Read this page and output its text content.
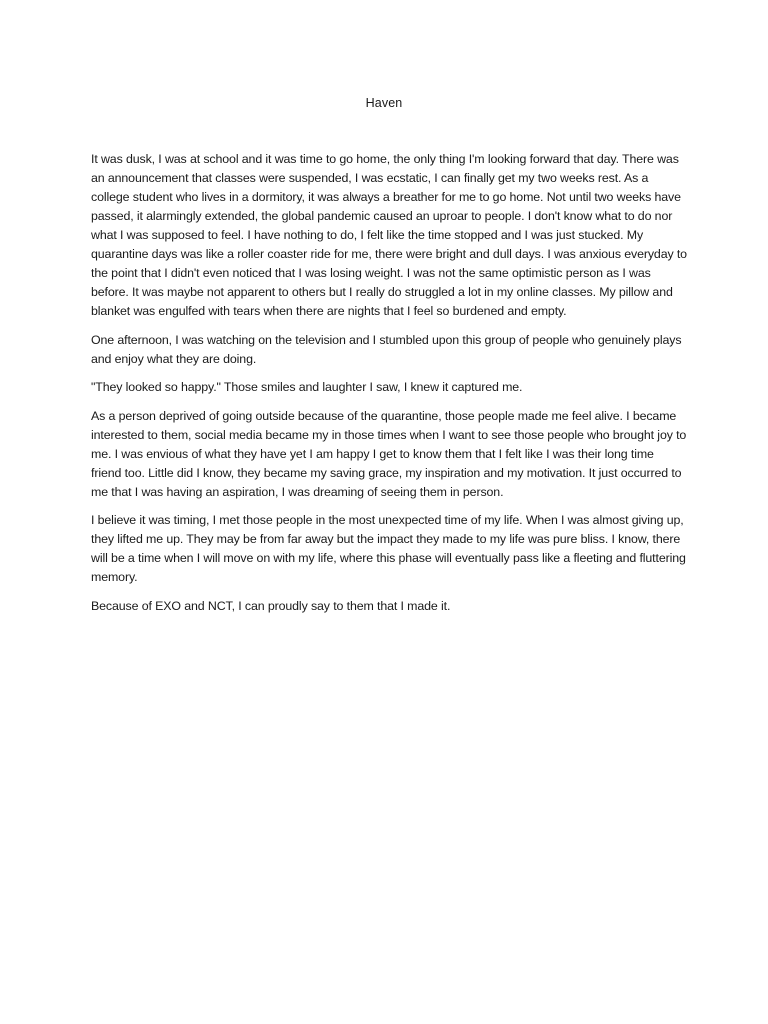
Haven

It was dusk, I was at school and it was time to go home, the only thing I'm looking forward that day. There was an announcement that classes were suspended, I was ecstatic, I can finally get my two weeks rest. As a college student who lives in a dormitory, it was always a breather for me to go home. Not until two weeks have passed, it alarmingly extended, the global pandemic caused an uproar to people. I don't know what to do nor what I was supposed to feel. I have nothing to do, I felt like the time stopped and I was just stucked. My quarantine days was like a roller coaster ride for me, there were bright and dull days. I was anxious everyday to the point that I didn't even noticed that I was losing weight. I was not the same optimistic person as I was before. It was maybe not apparent to others but I really do struggled a lot in my online classes. My pillow and blanket was engulfed with tears when there are nights that I feel so burdened and empty.

One afternoon, I was watching on the television and I stumbled upon this group of people who genuinely plays and enjoy what they are doing.

"They looked so happy." Those smiles and laughter I saw, I knew it captured me.

As a person deprived of going outside because of the quarantine, those people made me feel alive. I became interested to them, social media became my in those times when I want to see those people who brought joy to me. I was envious of what they have yet I am happy I get to know them that I felt like I was their long time friend too. Little did I know, they became my saving grace, my inspiration and my motivation. It just occurred to me that I was having an aspiration, I was dreaming of seeing them in person.

I believe it was timing, I met those people in the most unexpected time of my life. When I was almost giving up, they lifted me up. They may be from far away but the impact they made to my life was pure bliss. I know, there will be a time when I will move on with my life, where this phase will eventually pass like a fleeting and fluttering memory.

Because of EXO and NCT, I can proudly say to them that I made it.
